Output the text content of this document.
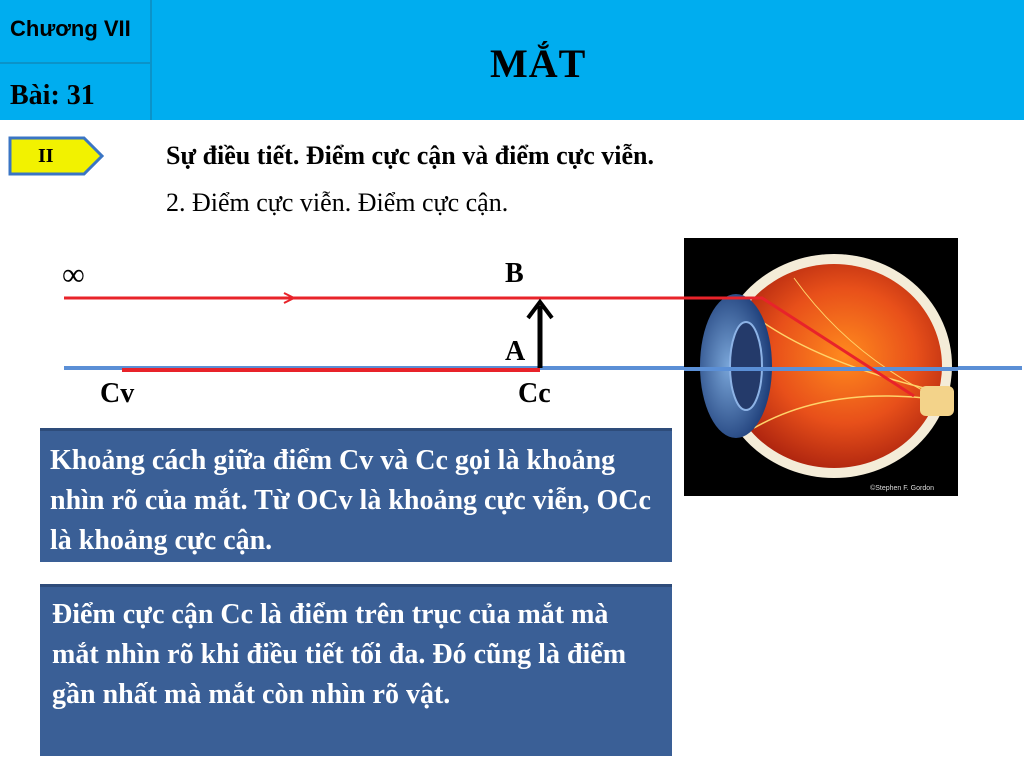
Chương VII
Bài: 31
MẮT
II	Sự điều tiết. Điểm cực cận và điểm cực viễn.
2. Điểm cực viễn. Điểm cực cận.
∞	B
A
Cv	Cc
©Stephen F. Gordon
Khoảng cách giữa điểm Cv và Cc gọi là khoảng nhìn rõ của mắt. Từ OCv là khoảng cực viễn, OCc là khoảng cực cận.
Điểm cực cận Cc là điểm trên trục của mắt mà mắt nhìn rõ khi điều tiết tối đa. Đó cũng là điểm gần nhất mà mắt còn nhìn rõ vật.
